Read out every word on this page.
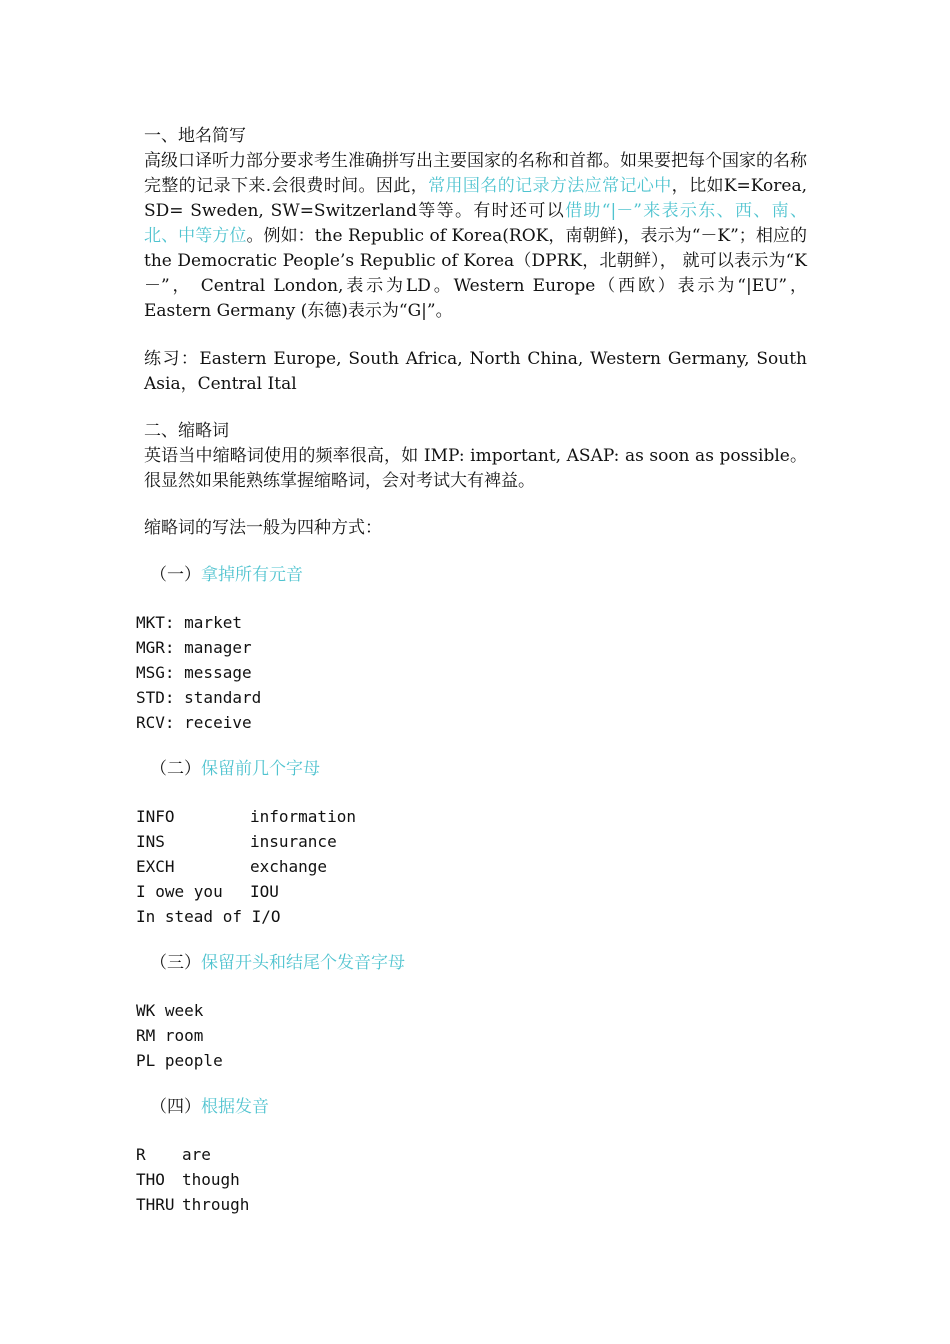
一、地名简写

高级口译听力部分要求考生准确拼写出主要国家的名称和首都。如果要把每个国家的名称完整的记录下来.会很费时间。因此，常用国名的记录方法应常记心中，比如K=Korea, SD= Sweden, SW=Switzerland等等。有时还可以借助“|－”来表示东、西、南、北、中等方位。例如：the Republic of Korea(ROK，南朝鲜)，表示为“－K”；相应的the Democratic People’s Republic of Korea（DPRK，北朝鲜）， 就可以表示为“K－”， Central London,表示为LD。Western Europe（西欧）表示为“|EU”，Eastern Germany (东德)表示为“G|”。

练习：Eastern Europe, South Africa, North China, Western Germany, South Asia，Central Ital

二、缩略词

英语当中缩略词使用的频率很高，如 IMP: important, ASAP: as soon as possible。很显然如果能熟练掌握缩略词，会对考试大有裨益。

缩略词的写法一般为四种方式：

（一）拿掉所有元音

MKT: market
MGR: manager
MSG: message
STD: standard
RCV: receive

（二）保留前几个字母

INFO	information
INS	insurance
EXCH	exchange
I owe you IOU
In stead of I/O

（三）保留开头和结尾个发音字母

WK week
RM room
PL people

（四）根据发音

R are
THO though
THRU through
